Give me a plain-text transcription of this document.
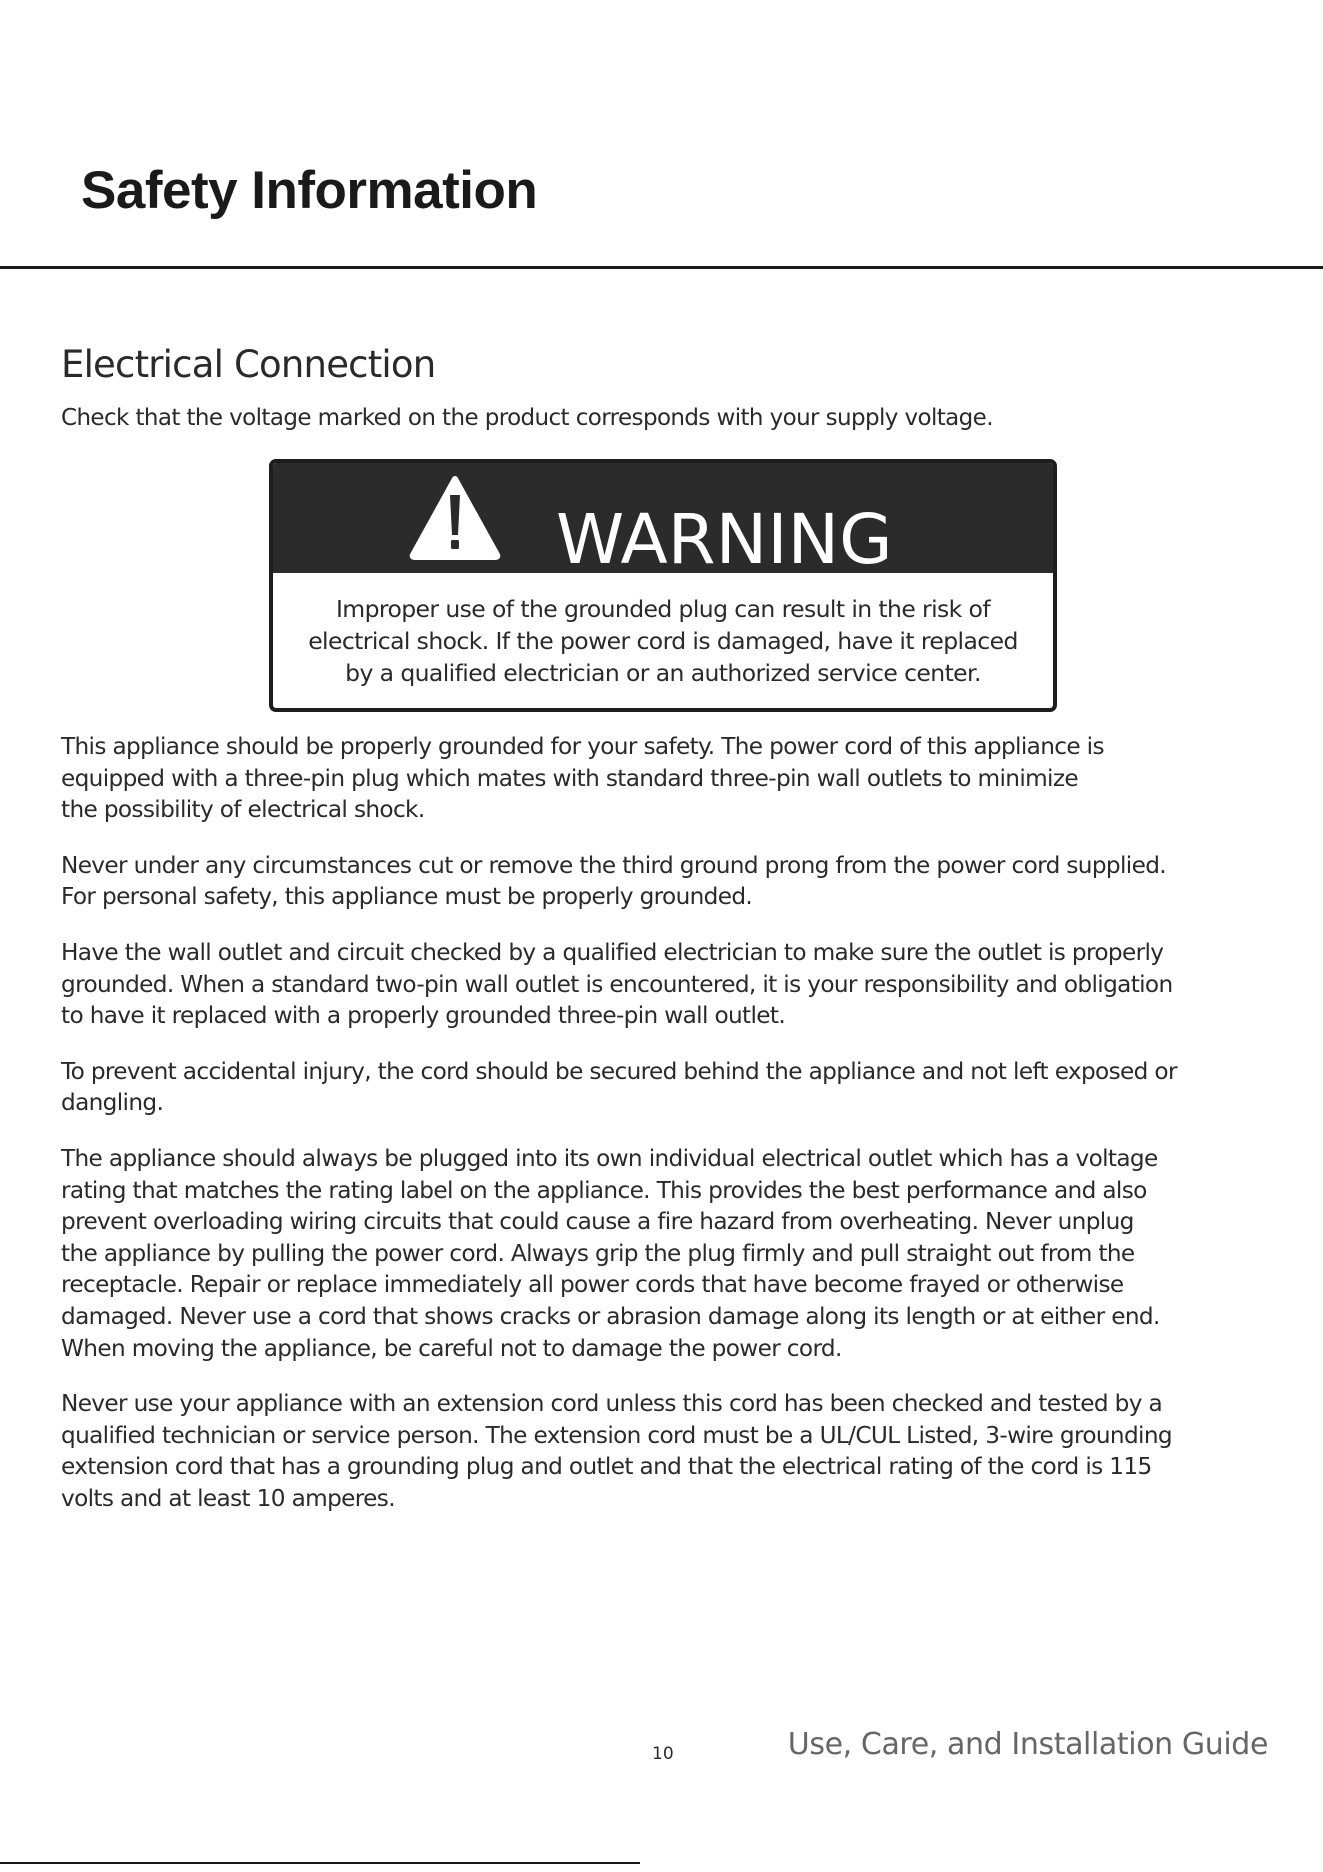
Safety Information
Electrical Connection

Check that the voltage marked on the product corresponds with your supply voltage.

WARNING

Improper use of the grounded plug can result in the risk of
electrical shock. If the power cord is damaged, have it replaced
by a qualified electrician or an authorized service center.

This appliance should be properly grounded for your safety. The power cord of this appliance is
equipped with a three-pin plug which mates with standard three-pin wall outlets to minimize
the possibility of electrical shock.

Never under any circumstances cut or remove the third ground prong from the power cord supplied.
For personal safety, this appliance must be properly grounded.

Have the wall outlet and circuit checked by a qualified electrician to make sure the outlet is properly
grounded. When a standard two-pin wall outlet is encountered, it is your responsibility and obligation
to have it replaced with a properly grounded three-pin wall outlet.

To prevent accidental injury, the cord should be secured behind the appliance and not left exposed or
dangling.

The appliance should always be plugged into its own individual electrical outlet which has a voltage
rating that matches the rating label on the appliance. This provides the best performance and also
prevent overloading wiring circuits that could cause a fire hazard from overheating. Never unplug
the appliance by pulling the power cord. Always grip the plug firmly and pull straight out from the
receptacle. Repair or replace immediately all power cords that have become frayed or otherwise
damaged. Never use a cord that shows cracks or abrasion damage along its length or at either end.
When moving the appliance, be careful not to damage the power cord.

Never use your appliance with an extension cord unless this cord has been checked and tested by a
qualified technician or service person. The extension cord must be a UL/CUL Listed, 3-wire grounding
extension cord that has a grounding plug and outlet and that the electrical rating of the cord is 115
volts and at least 10 amperes.

10	Use, Care, and Installation Guide
